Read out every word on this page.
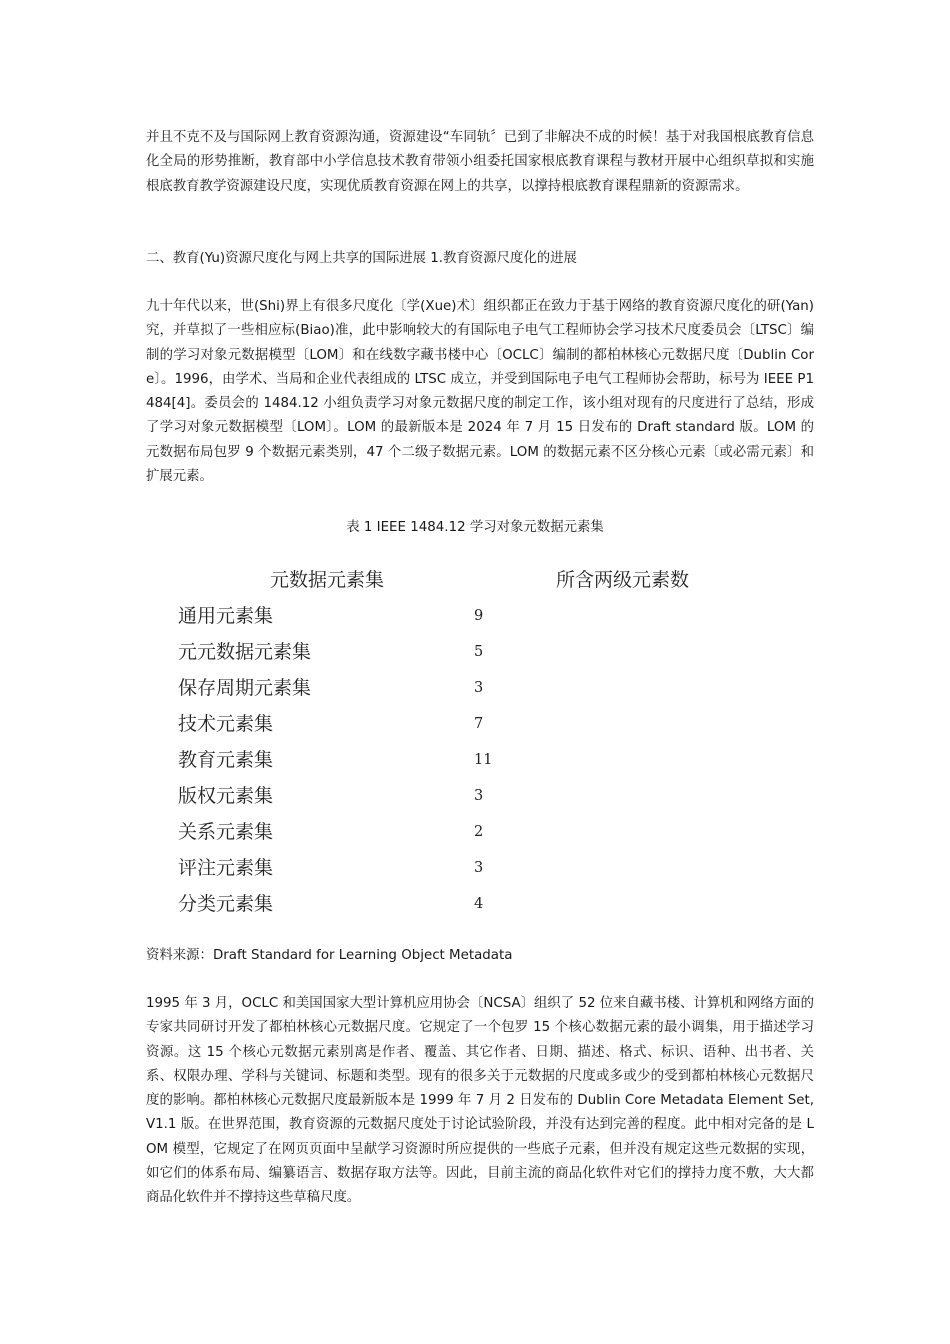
并且不克不及与国际网上教育资源沟通，资源建设“车同轨〞已到了非解决不成的时候！基于对我国根底教育信息化全局的形势推断，教育部中小学信息技术教育带领小组委托国家根底教育课程与教材开展中心组织草拟和实施根底教育教学资源建设尺度，实现优质教育资源在网上的共享，以撑持根底教育课程鼎新的资源需求。

二、教育(Yu)资源尺度化与网上共享的国际进展 1.教育资源尺度化的进展

九十年代以来，世(Shi)界上有很多尺度化〔学(Xue)术〕组织都正在致力于基于网络的教育资源尺度化的研(Yan)究，并草拟了一些相应标(Biao)准，此中影响较大的有国际电子电气工程师协会学习技术尺度委员会〔LTSC〕编制的学习对象元数据模型〔LOM〕和在线数字藏书楼中心〔OCLC〕编制的都柏林核心元数据尺度〔Dublin Core〕。1996，由学术、当局和企业代表组成的 LTSC 成立，并受到国际电子电气工程师协会帮助，标号为 IEEE P1484[4]。委员会的 1484.12 小组负责学习对象元数据尺度的制定工作，该小组对现有的尺度进行了总结，形成了学习对象元数据模型〔LOM〕。LOM 的最新版本是 2024 年 7 月 15 日发布的 Draft standard 版。LOM 的元数据布局包罗 9 个数据元素类别，47 个二级子数据元素。LOM 的数据元素不区分核心元素〔或必需元素〕和扩展元素。

表 1 IEEE 1484.12 学习对象元数据元素集

元数据元素集	所含两级元素数
通用元素集	9
元元数据元素集	5
保存周期元素集	3
技术元素集	7
教育元素集	11
版权元素集	3
关系元素集	2
评注元素集	3
分类元素集	4

资料来源：Draft Standard for Learning Object Metadata

1995 年 3 月，OCLC 和美国国家大型计算机应用协会〔NCSA〕组织了 52 位来自藏书楼、计算机和网络方面的专家共同研讨开发了都柏林核心元数据尺度。它规定了一个包罗 15 个核心数据元素的最小调集，用于描述学习资源。这 15 个核心元数据元素别离是作者、覆盖、其它作者、日期、描述、格式、标识、语种、出书者、关系、权限办理、学科与关键词、标题和类型。现有的很多关于元数据的尺度或多或少的受到都柏林核心元数据尺度的影响。都柏林核心元数据尺度最新版本是 1999 年 7 月 2 日发布的 Dublin Core Metadata Element Set,V1.1 版。在世界范围，教育资源的元数据尺度处于讨论试验阶段，并没有达到完善的程度。此中相对完备的是 LOM 模型，它规定了在网页页面中呈献学习资源时所应提供的一些底子元素，但并没有规定这些元数据的实现，如它们的体系布局、编纂语言、数据存取方法等。因此，目前主流的商品化软件对它们的撑持力度不敷，大大都商品化软件并不撑持这些草稿尺度。
